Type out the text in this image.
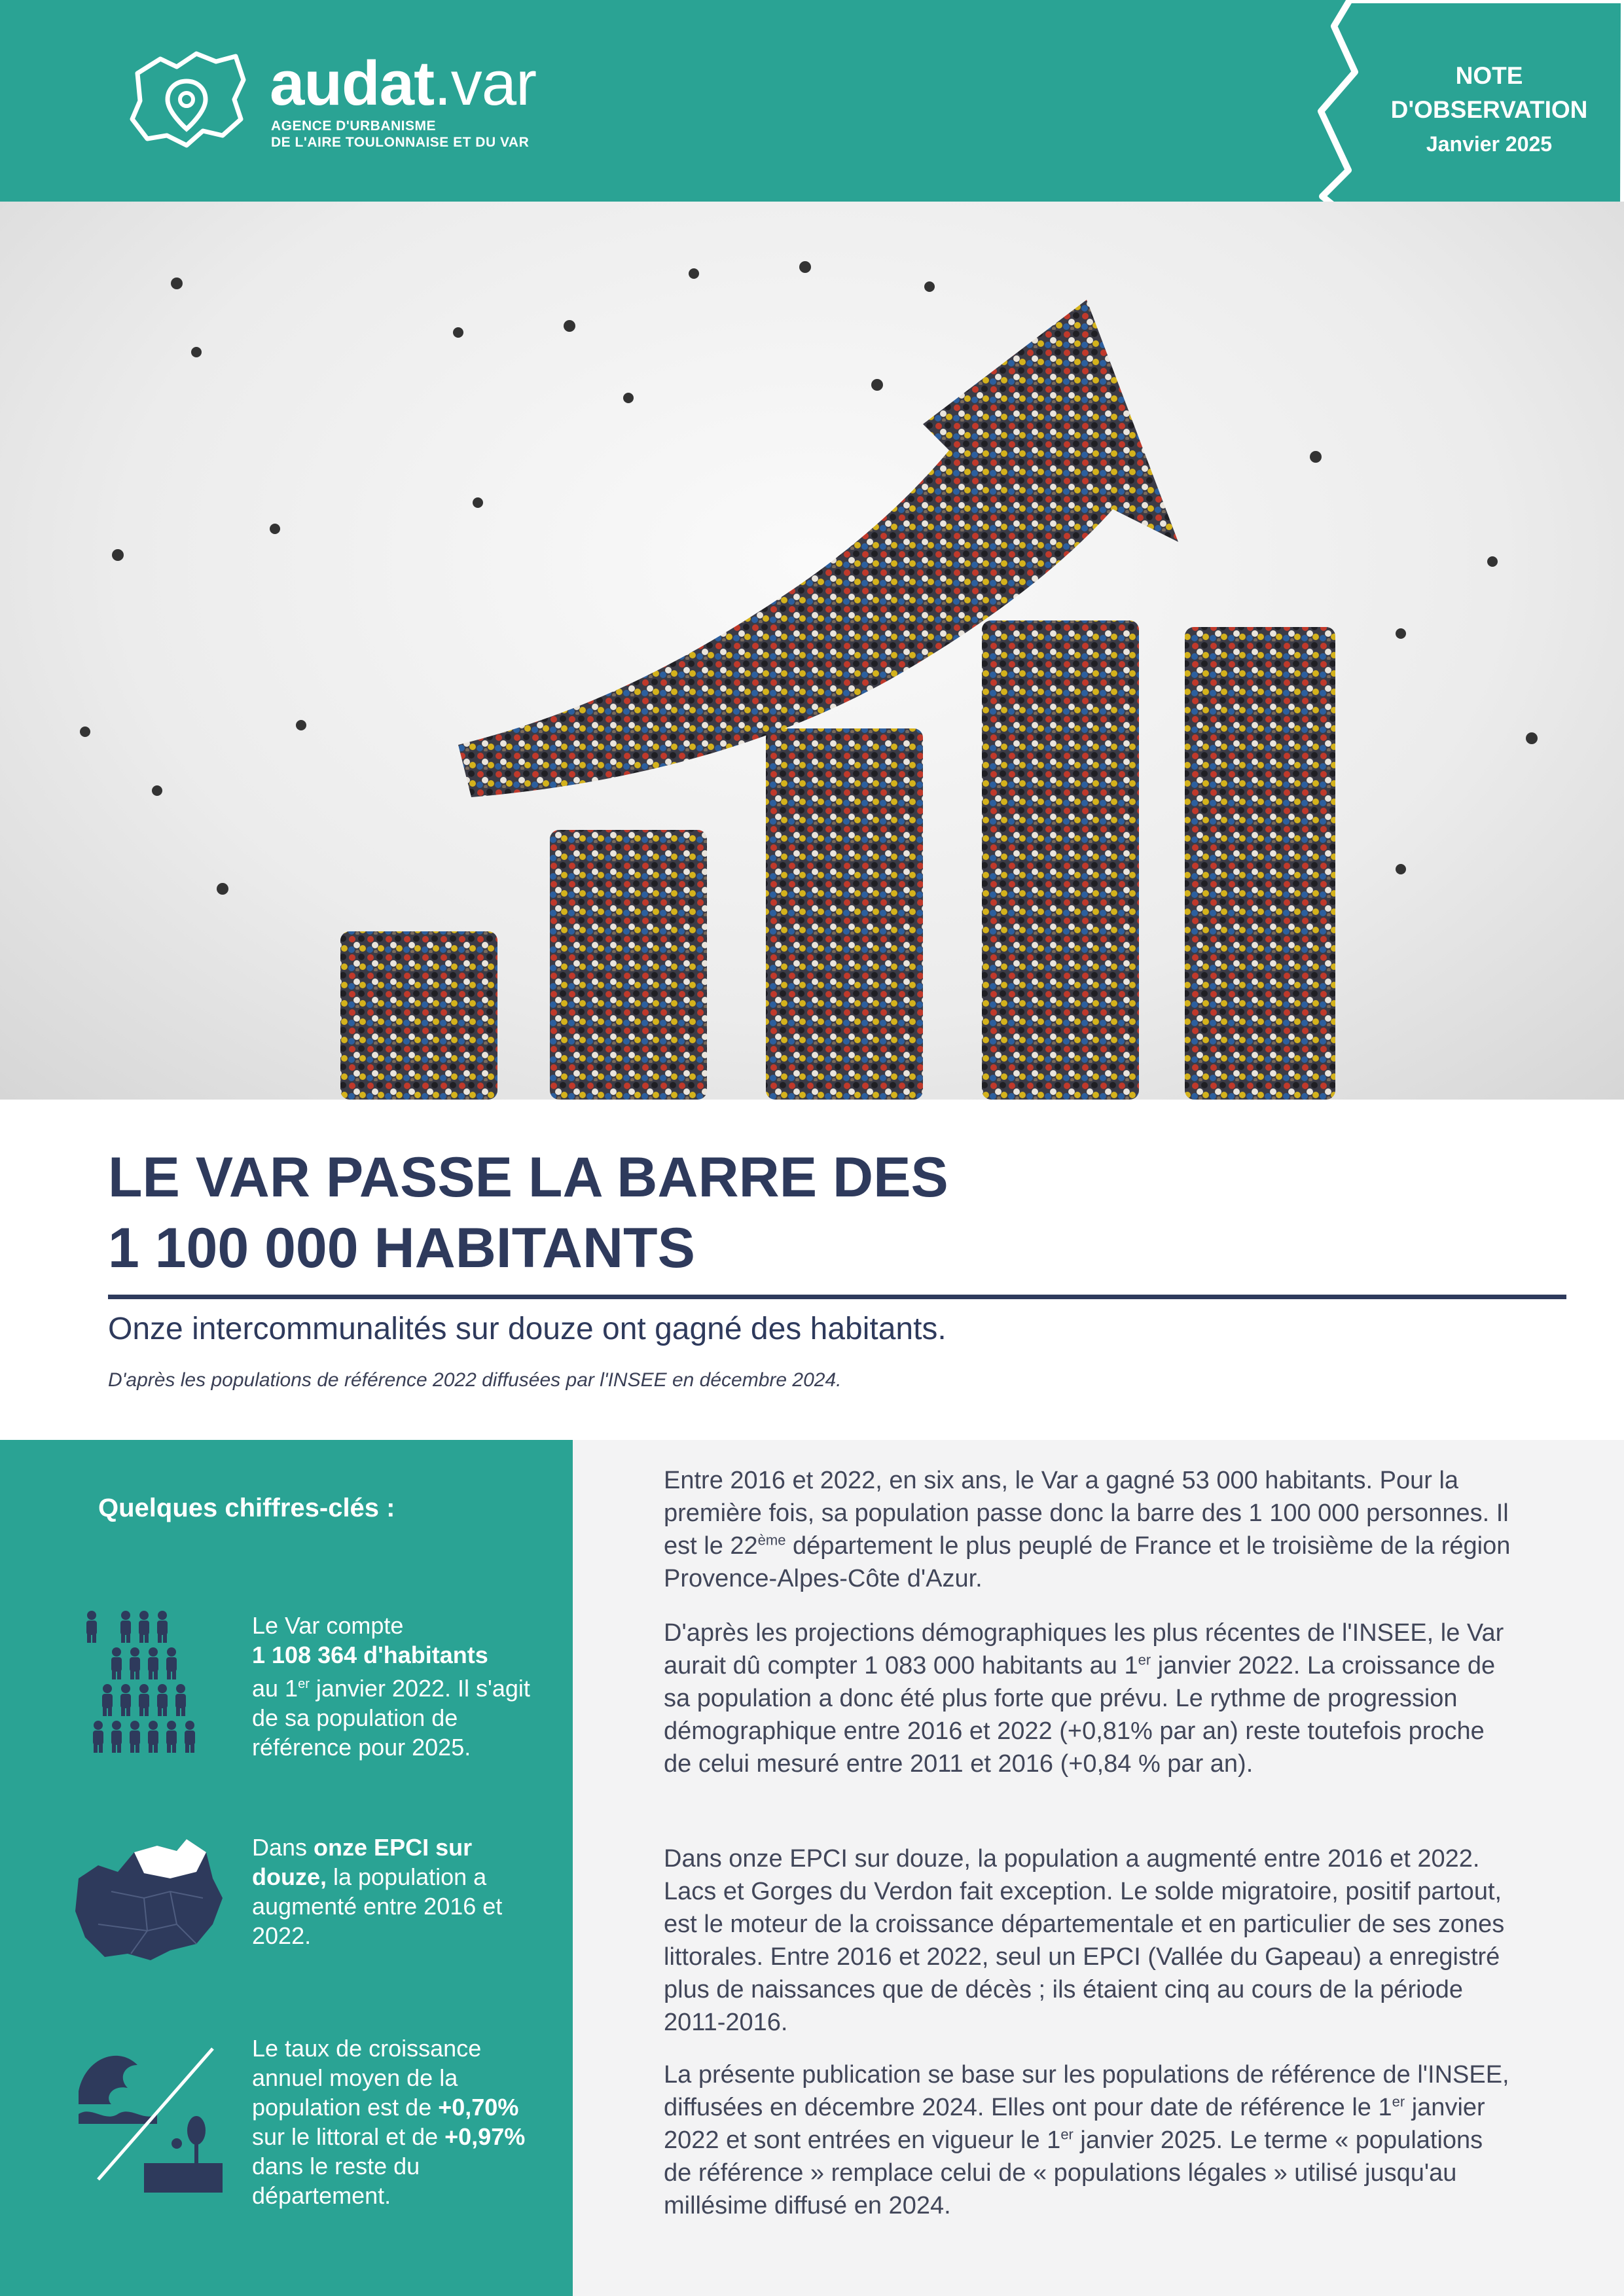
audat.var
AGENCE D'URBANISME
DE L'AIRE TOULONNAISE ET DU VAR
NOTE
D'OBSERVATION
Janvier 2025
LE VAR PASSE LA BARRE DES
1 100 000 HABITANTS

Onze intercommunalités sur douze ont gagné des habitants.

D'après les populations de référence 2022 diffusées par l'INSEE en décembre 2024.

Quelques chiffres-clés :

Le Var compte
1 108 364 d'habitants
au 1er janvier 2022. Il s'agit de sa population de référence pour 2025.

Dans onze EPCI sur douze, la population a augmenté entre 2016 et 2022.

Le taux de croissance annuel moyen de la population est de +0,70% sur le littoral et de +0,97% dans le reste du département.

Entre 2016 et 2022, en six ans, le Var a gagné 53 000 habitants. Pour la première fois, sa population passe donc la barre des 1 100 000 personnes. Il est le 22ème département le plus peuplé de France et le troisième de la région Provence-Alpes-Côte d'Azur.

D'après les projections démographiques les plus récentes de l'INSEE, le Var aurait dû compter 1 083 000 habitants au 1er janvier 2022. La croissance de sa population a donc été plus forte que prévu. Le rythme de progression démographique entre 2016 et 2022 (+0,81% par an) reste toutefois proche de celui mesuré entre 2011 et 2016 (+0,84 % par an).

Dans onze EPCI sur douze, la population a augmenté entre 2016 et 2022. Lacs et Gorges du Verdon fait exception. Le solde migratoire, positif partout, est le moteur de la croissance départementale et en particulier de ses zones littorales. Entre 2016 et 2022, seul un EPCI (Vallée du Gapeau) a enregistré plus de naissances que de décès ; ils étaient cinq au cours de la période 2011-2016.

La présente publication se base sur les populations de référence de l'INSEE, diffusées en décembre 2024. Elles ont pour date de référence le 1er janvier 2022 et sont entrées en vigueur le 1er janvier 2025. Le terme « populations de référence » remplace celui de « populations légales » utilisé jusqu'au millésime diffusé en 2024.
